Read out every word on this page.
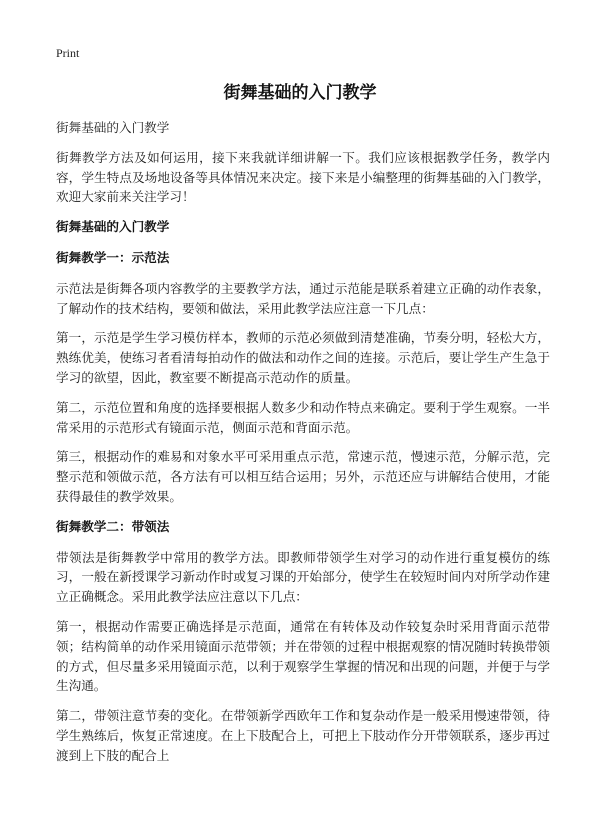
Print
街舞基础的入门教学

街舞基础的入门教学

街舞教学方法及如何运用，接下来我就详细讲解一下。我们应该根据教学任务，教学内容，学生特点及场地设备等具体情况来决定。接下来是小编整理的街舞基础的入门教学，欢迎大家前来关注学习！

街舞基础的入门教学

街舞教学一：示范法

示范法是街舞各项内容教学的主要教学方法，通过示范能是联系着建立正确的动作表象，了解动作的技术结构，要领和做法，采用此教学法应注意一下几点：

第一，示范是学生学习模仿样本，教师的示范必须做到清楚准确，节奏分明，轻松大方，熟练优美，使练习者看清每拍动作的做法和动作之间的连接。示范后，要让学生产生急于学习的欲望，因此，教室要不断提高示范动作的质量。

第二，示范位置和角度的选择要根据人数多少和动作特点来确定。要利于学生观察。一半常采用的示范形式有镜面示范，侧面示范和背面示范。

第三，根据动作的难易和对象水平可采用重点示范，常速示范，慢速示范，分解示范，完整示范和领做示范，各方法有可以相互结合运用；另外，示范还应与讲解结合使用，才能获得最佳的教学效果。

街舞教学二：带领法

带领法是街舞教学中常用的教学方法。即教师带领学生对学习的动作进行重复模仿的练习，一般在新授课学习新动作时或复习课的开始部分，使学生在较短时间内对所学动作建立正确概念。采用此教学法应注意以下几点：

第一，根据动作需要正确选择是示范面，通常在有转体及动作较复杂时采用背面示范带领；结构简单的动作采用镜面示范带领；并在带领的过程中根据观察的情况随时转换带领的方式，但尽量多采用镜面示范，以利于观察学生掌握的情况和出现的问题，并便于与学生沟通。

第二，带领注意节奏的变化。在带领新学西欧年工作和复杂动作是一般采用慢速带领，待学生熟练后，恢复正常速度。在上下肢配合上，可把上下肢动作分开带领联系，逐步再过渡到上下肢的配合上
